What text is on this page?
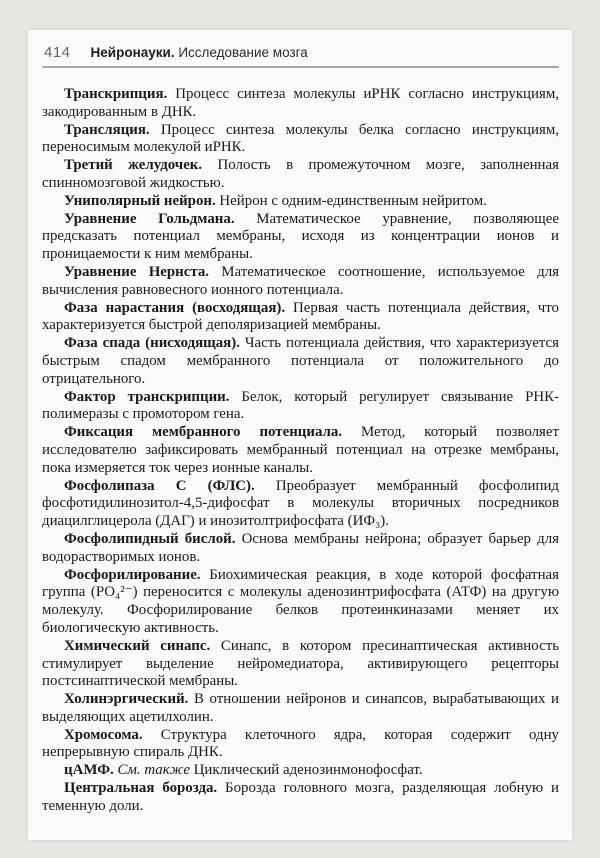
414 Нейронауки. Исследование мозга

Транскрипция. Процесс синтеза молекулы иРНК согласно инструкциям, закодированным в ДНК.

Трансляция. Процесс синтеза молекулы белка согласно инструкциям, переносимым молекулой иРНК.

Третий желудочек. Полость в промежуточном мозге, заполненная спинномозговой жидкостью.

Униполярный нейрон. Нейрон с одним-единственным нейритом.

Уравнение Гольдмана. Математическое уравнение, позволяющее предсказать потенциал мембраны, исходя из концентрации ионов и проницаемости к ним мембраны.

Уравнение Нернста. Математическое соотношение, используемое для вычисления равновесного ионного потенциала.

Фаза нарастания (восходящая). Первая часть потенциала действия, что характеризуется быстрой деполяризацией мембраны.

Фаза спада (нисходящая). Часть потенциала действия, что характеризуется быстрым спадом мембранного потенциала от положительного до отрицательного.

Фактор транскрипции. Белок, который регулирует связывание РНК-полимеразы с промотором гена.

Фиксация мембранного потенциала. Метод, который позволяет исследователю зафиксировать мембранный потенциал на отрезке мембраны, пока измеряется ток через ионные каналы.

Фосфолипаза С (ФЛС). Преобразует мембранный фосфолипид фосфотидилинозитол-4,5-дифосфат в молекулы вторичных посредников диацилглицерола (ДАГ) и инозитолтрифосфата (ИФ₃).

Фосфолипидный бислой. Основа мембраны нейрона; образует барьер для водорастворимых ионов.

Фосфорилирование. Биохимическая реакция, в ходе которой фосфатная группа (РО₄²⁻) переносится с молекулы аденозинтрифосфата (АТФ) на другую молекулу. Фосфорилирование белков протеинкиназами меняет их биологическую активность.

Химический синапс. Синапс, в котором пресинаптическая активность стимулирует выделение нейромедиатора, активирующего рецепторы постсинаптической мембраны.

Холинэргический. В отношении нейронов и синапсов, вырабатывающих и выделяющих ацетилхолин.

Хромосома. Структура клеточного ядра, которая содержит одну непрерывную спираль ДНК.

цАМФ. См. также Циклический аденозинмонофосфат.

Центральная борозда. Борозда головного мозга, разделяющая лобную и теменную доли.
